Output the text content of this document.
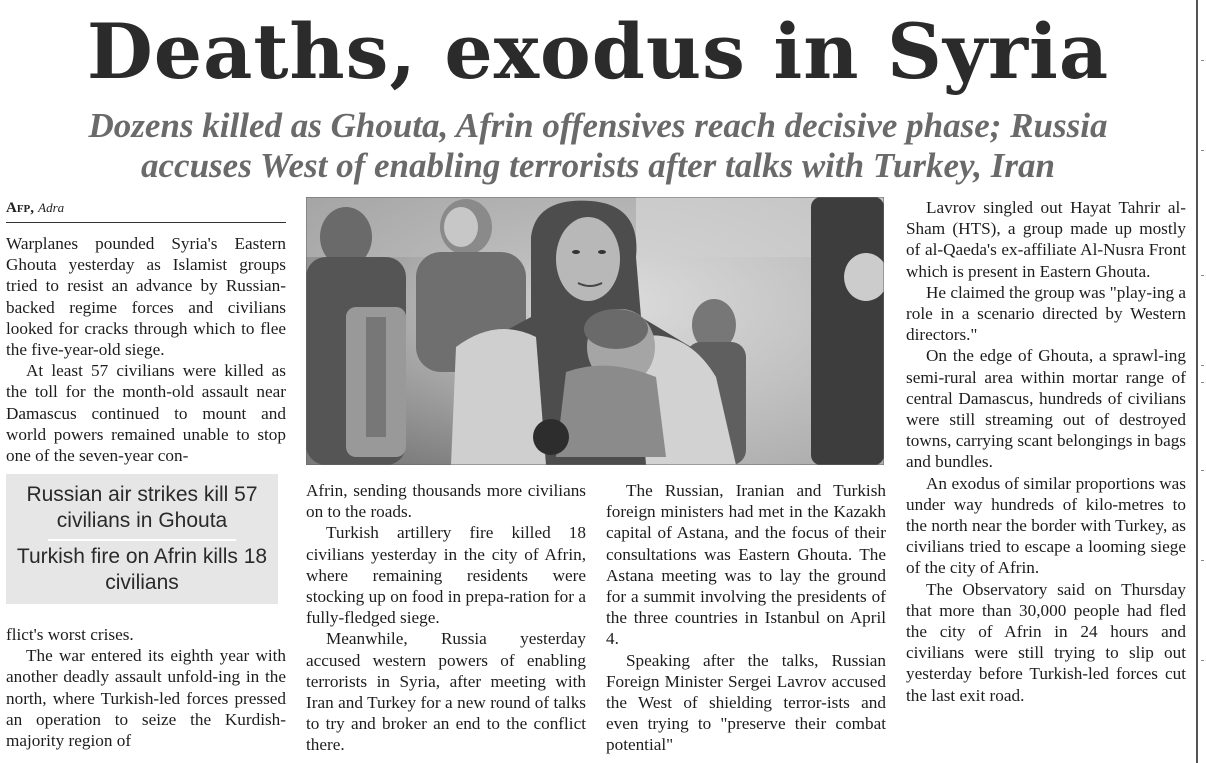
Deaths, exodus in Syria
Dozens killed as Ghouta, Afrin offensives reach decisive phase; Russia
accuses West of enabling terrorists after talks with Turkey, Iran
Afp, Adra

Warplanes pounded Syria's Eastern Ghouta yesterday as Islamist groups tried to resist an advance by Russian-backed regime forces and civilians looked for cracks through which to flee the five-year-old siege.

At least 57 civilians were killed as the toll for the month-old assault near Damascus continued to mount and world powers remained unable to stop one of the seven-year con-

Russian air strikes kill 57 civilians in Ghouta
Turkish fire on Afrin kills 18 civilians

flict's worst crises.

The war entered its eighth year with another deadly assault unfold-ing in the north, where Turkish-led forces pressed an operation to seize the Kurdish-majority region of

Afrin, sending thousands more civilians on to the roads.

Turkish artillery fire killed 18 civilians yesterday in the city of Afrin, where remaining residents were stocking up on food in prepa-ration for a fully-fledged siege.

Meanwhile, Russia yesterday accused western powers of enabling terrorists in Syria, after meeting with Iran and Turkey for a new round of talks to try and broker an end to the conflict there.

The Russian, Iranian and Turkish foreign ministers had met in the Kazakh capital of Astana, and the focus of their consultations was Eastern Ghouta. The Astana meeting was to lay the ground for a summit involving the presidents of the three countries in Istanbul on April 4.

Speaking after the talks, Russian Foreign Minister Sergei Lavrov accused the West of shielding terror-ists and even trying to "preserve their combat potential"

Lavrov singled out Hayat Tahrir al-Sham (HTS), a group made up mostly of al-Qaeda's ex-affiliate Al-Nusra Front which is present in Eastern Ghouta.

He claimed the group was "play-ing a role in a scenario directed by Western directors."

On the edge of Ghouta, a sprawl-ing semi-rural area within mortar range of central Damascus, hundreds of civilians were still streaming out of destroyed towns, carrying scant belongings in bags and bundles.

An exodus of similar proportions was under way hundreds of kilo-metres to the north near the border with Turkey, as civilians tried to escape a looming siege of the city of Afrin.

The Observatory said on Thursday that more than 30,000 people had fled the city of Afrin in 24 hours and civilians were still trying to slip out yesterday before Turkish-led forces cut the last exit road.
